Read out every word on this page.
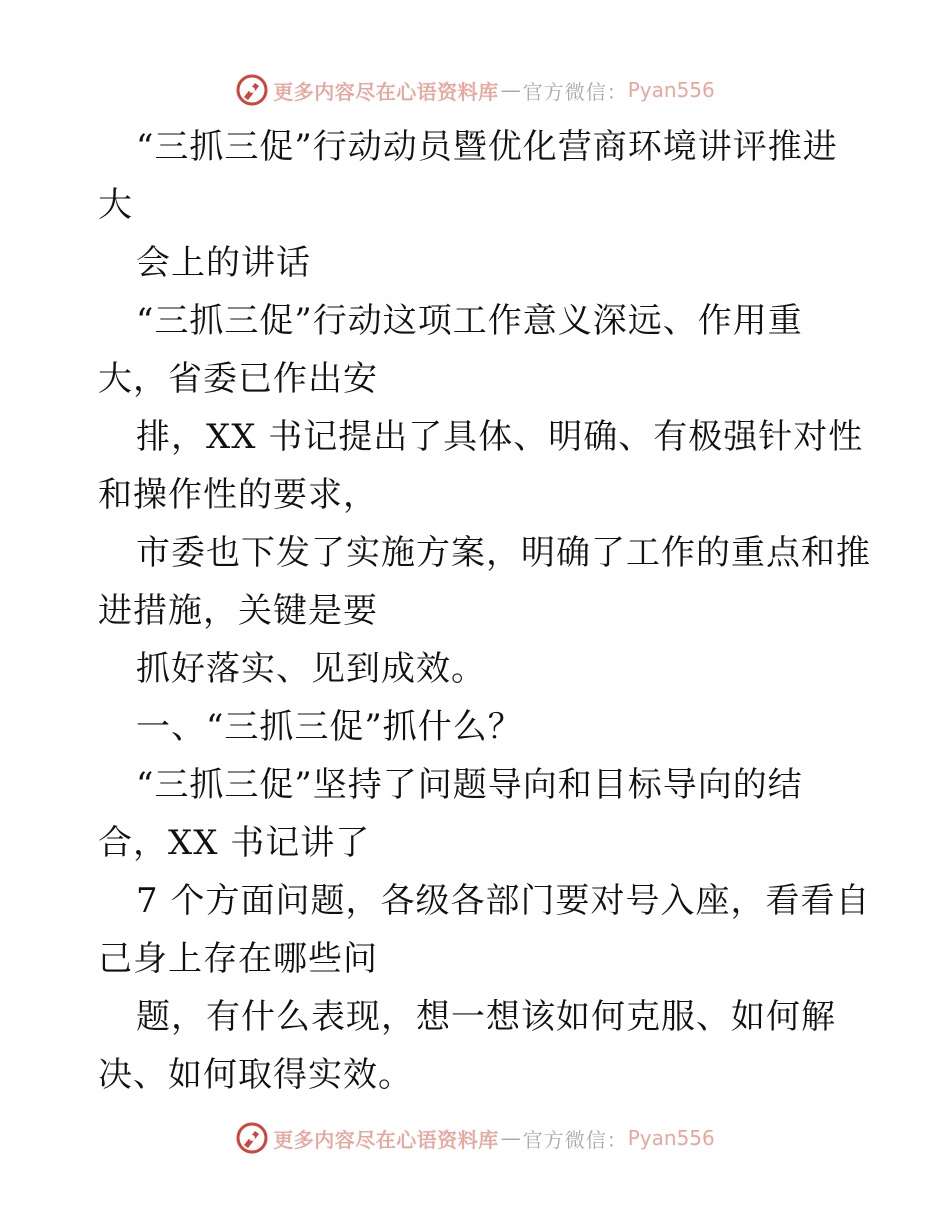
更多内容尽在心语资料库 — 官方微信： Pyan556
“三抓三促”行动动员暨优化营商环境讲评推进
大
会上的讲话
“三抓三促”行动这项工作意义深远、作用重
大，省委已作出安
排，XX 书记提出了具体、明确、有极强针对性
和操作性的要求，
市委也下发了实施方案，明确了工作的重点和推
进措施，关键是要
抓好落实、见到成效。
一、“三抓三促”抓什么？
“三抓三促”坚持了问题导向和目标导向的结
合，XX 书记讲了
7 个方面问题，各级各部门要对号入座，看看自
己身上存在哪些问
题，有什么表现，想一想该如何克服、如何解
决、如何取得实效。
更多内容尽在心语资料库 — 官方微信： Pyan556
